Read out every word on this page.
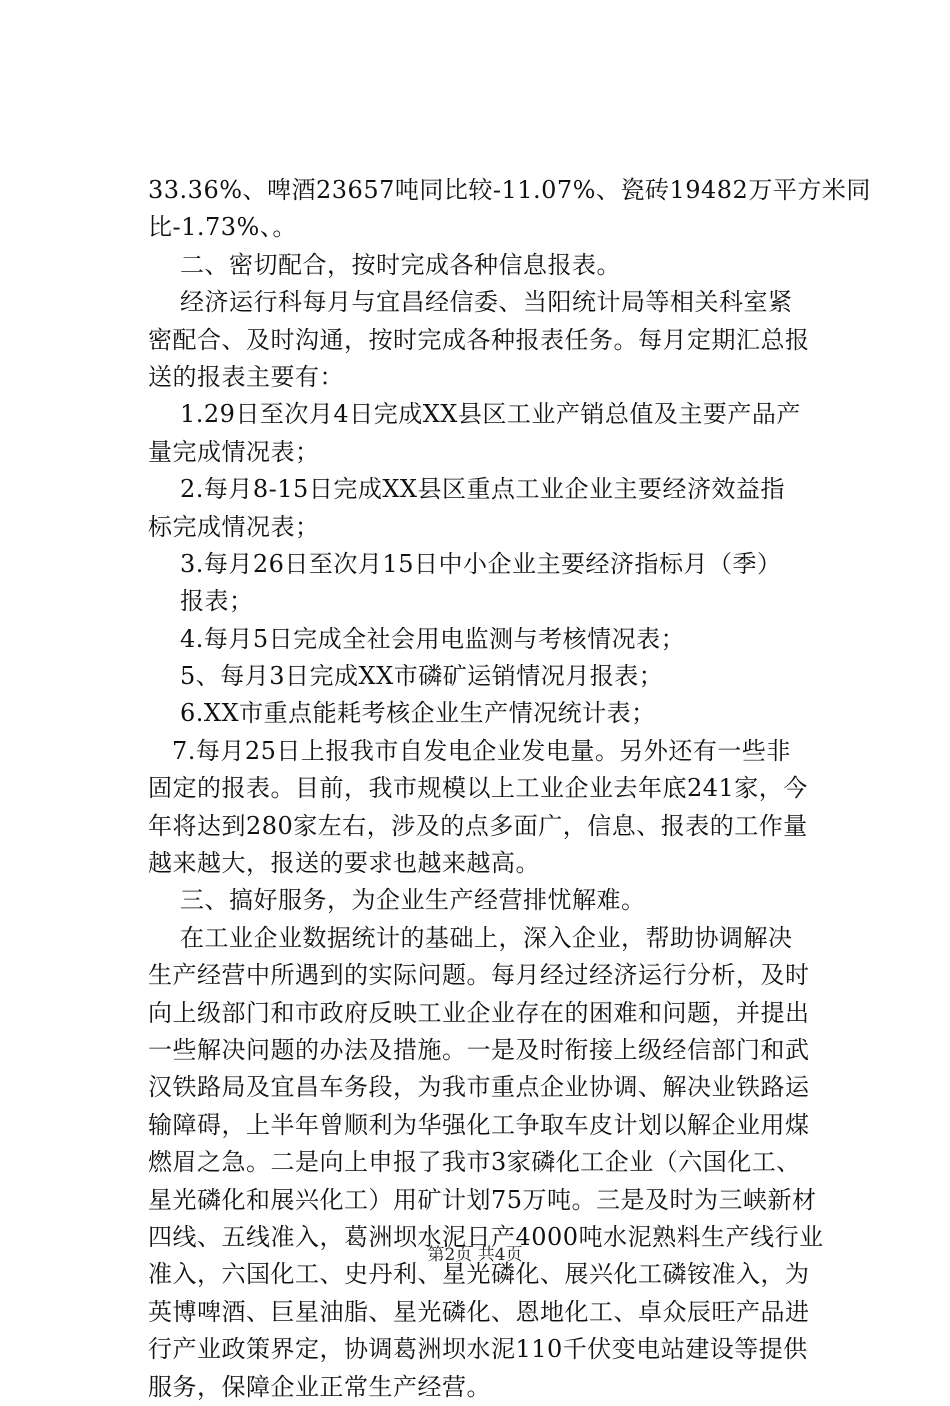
33.36%、啤酒23657吨同比较-11.07%、瓷砖19482万平方米同
比-1.73%、。
二、密切配合，按时完成各种信息报表。
经济运行科每月与宜昌经信委、当阳统计局等相关科室紧
密配合、及时沟通，按时完成各种报表任务。每月定期汇总报
送的报表主要有：
1.29日至次月4日完成XX县区工业产销总值及主要产品产
量完成情况表；
2.每月8-15日完成XX县区重点工业企业主要经济效益指
标完成情况表；
3.每月26日至次月15日中小企业主要经济指标月（季）
报表；
4.每月5日完成全社会用电监测与考核情况表；
5、每月3日完成XX市磷矿运销情况月报表；
6.XX市重点能耗考核企业生产情况统计表；
7.每月25日上报我市自发电企业发电量。另外还有一些非
固定的报表。目前，我市规模以上工业企业去年底241家，今
年将达到280家左右，涉及的点多面广，信息、报表的工作量
越来越大，报送的要求也越来越高。
三、搞好服务，为企业生产经营排忧解难。
在工业企业数据统计的基础上，深入企业，帮助协调解决
生产经营中所遇到的实际问题。每月经过经济运行分析，及时
向上级部门和市政府反映工业企业存在的困难和问题，并提出
一些解决问题的办法及措施。一是及时衔接上级经信部门和武
汉铁路局及宜昌车务段，为我市重点企业协调、解决业铁路运
输障碍，上半年曾顺利为华强化工争取车皮计划以解企业用煤
燃眉之急。二是向上申报了我市3家磷化工企业（六国化工、
星光磷化和展兴化工）用矿计划75万吨。三是及时为三峡新材
四线、五线准入，葛洲坝水泥日产4000吨水泥熟料生产线行业
准入，六国化工、史丹利、星光磷化、展兴化工磷铵准入，为
英博啤酒、巨星油脂、星光磷化、恩地化工、卓众辰旺产品进
行产业政策界定，协调葛洲坝水泥110千伏变电站建设等提供
服务，保障企业正常生产经营。
第2页 共4页
